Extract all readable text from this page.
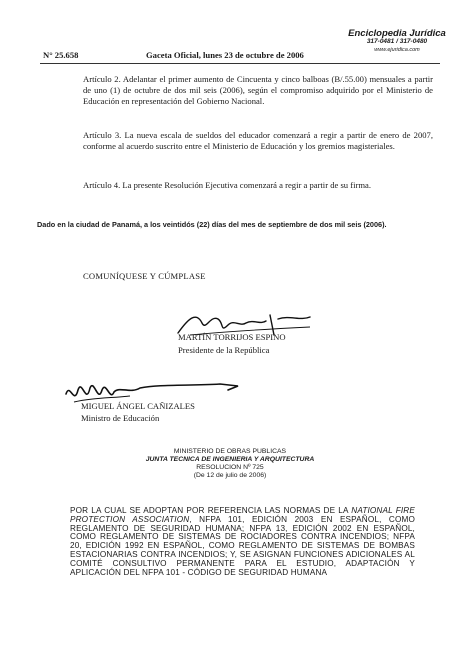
N° 25.658	Gaceta Oficial, lunes 23 de octubre de 2006
Enciclopedia Jurídica
317-0481 / 317-0480
www.ejuridica.com
Artículo 2. Adelantar el primer aumento de Cincuenta y cinco balboas (B/.55.00) mensuales a partir de uno (1) de octubre de dos mil seis (2006), según el compromiso adquirido por el Ministerio de Educación en representación del Gobierno Nacional.
Artículo 3. La nueva escala de sueldos del educador comenzará a regir a partir de enero de 2007, conforme al acuerdo suscrito entre el Ministerio de Educación y los gremios magisteriales.
Artículo 4. La presente Resolución Ejecutiva comenzará a regir a partir de su firma.
Dado en la ciudad de Panamá, a los veintidós (22) días del mes de septiembre de dos mil seis (2006).
COMUNÍQUESE Y CÚMPLASE
MARTÍN TORRIJOS ESPINO
Presidente de la República
MIGUEL ÁNGEL CAÑIZALES
Ministro de Educación
MINISTERIO DE OBRAS PUBLICAS
JUNTA TECNICA DE INGENIERIA Y ARQUITECTURA
RESOLUCION Nº 725
(De 12 de julio de 2006)
POR LA CUAL SE ADOPTAN POR REFERENCIA LAS NORMAS DE LA NATIONAL FIRE PROTECTION ASSOCIATION, NFPA 101, EDICIÓN 2003 EN ESPAÑOL, COMO REGLAMENTO DE SEGURIDAD HUMANA; NFPA 13, EDICIÓN 2002 EN ESPAÑOL, COMO REGLAMENTO DE SISTEMAS DE ROCIADORES CONTRA INCENDIOS; NFPA 20, EDICIÓN 1992 EN ESPAÑOL, COMO REGLAMENTO DE SISTEMAS DE BOMBAS ESTACIONARIAS CONTRA INCENDIOS; Y, SE ASIGNAN FUNCIONES ADICIONALES AL COMITÉ CONSULTIVO PERMANENTE PARA EL ESTUDIO, ADAPTACIÓN Y APLICACIÓN DEL NFPA 101 - CÓDIGO DE SEGURIDAD HUMANA
